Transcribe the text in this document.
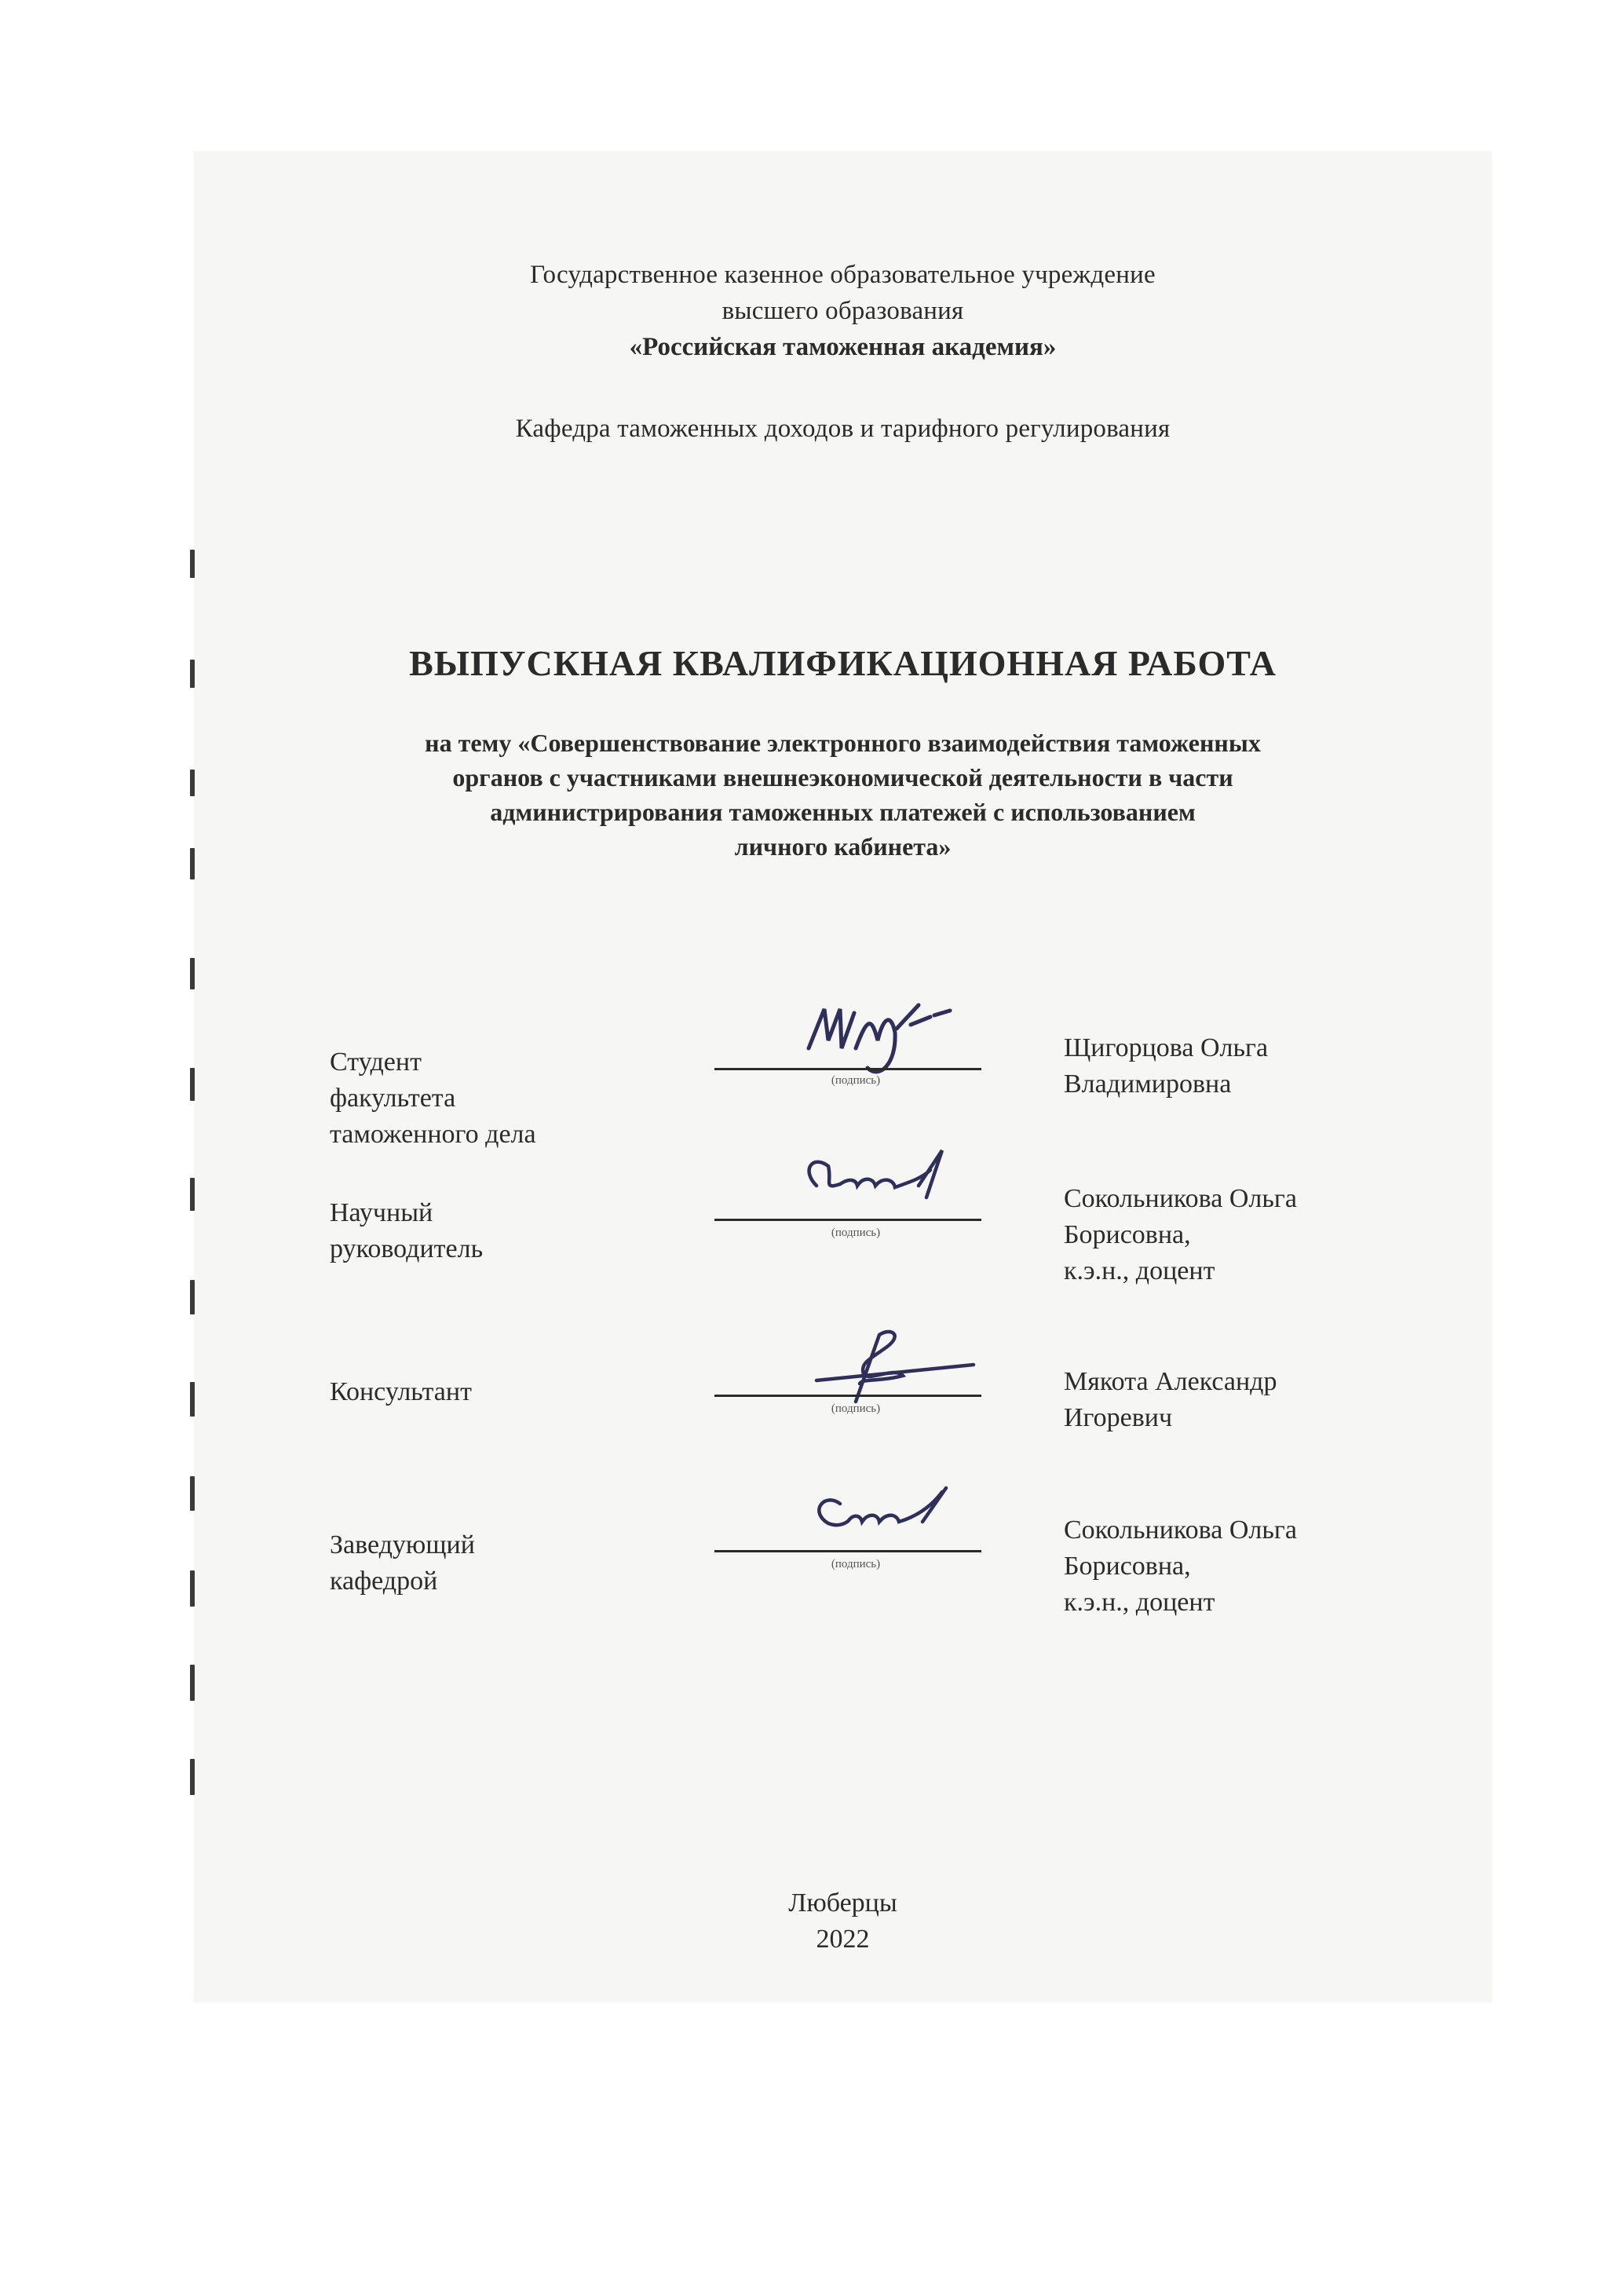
Государственное казенное образовательное учреждение
высшего образования
«Российская таможенная академия»
Кафедра таможенных доходов и тарифного регулирования
ВЫПУСКНАЯ КВАЛИФИКАЦИОННАЯ РАБОТА
на тему «Совершенствование электронного взаимодействия таможенных
органов с участниками внешнеэкономической деятельности в части
администрирования таможенных платежей с использованием
личного кабинета»
Студент
факультета
таможенного дела
(подпись)
Щигорцова Ольга
Владимировна
Научный
руководитель
(подпись)
Сокольникова Ольга
Борисовна,
к.э.н., доцент
Консультант
(подпись)
Мякота Александр
Игоревич
Заведующий
кафедрой
(подпись)
Сокольникова Ольга
Борисовна,
к.э.н., доцент
Люберцы
2022
